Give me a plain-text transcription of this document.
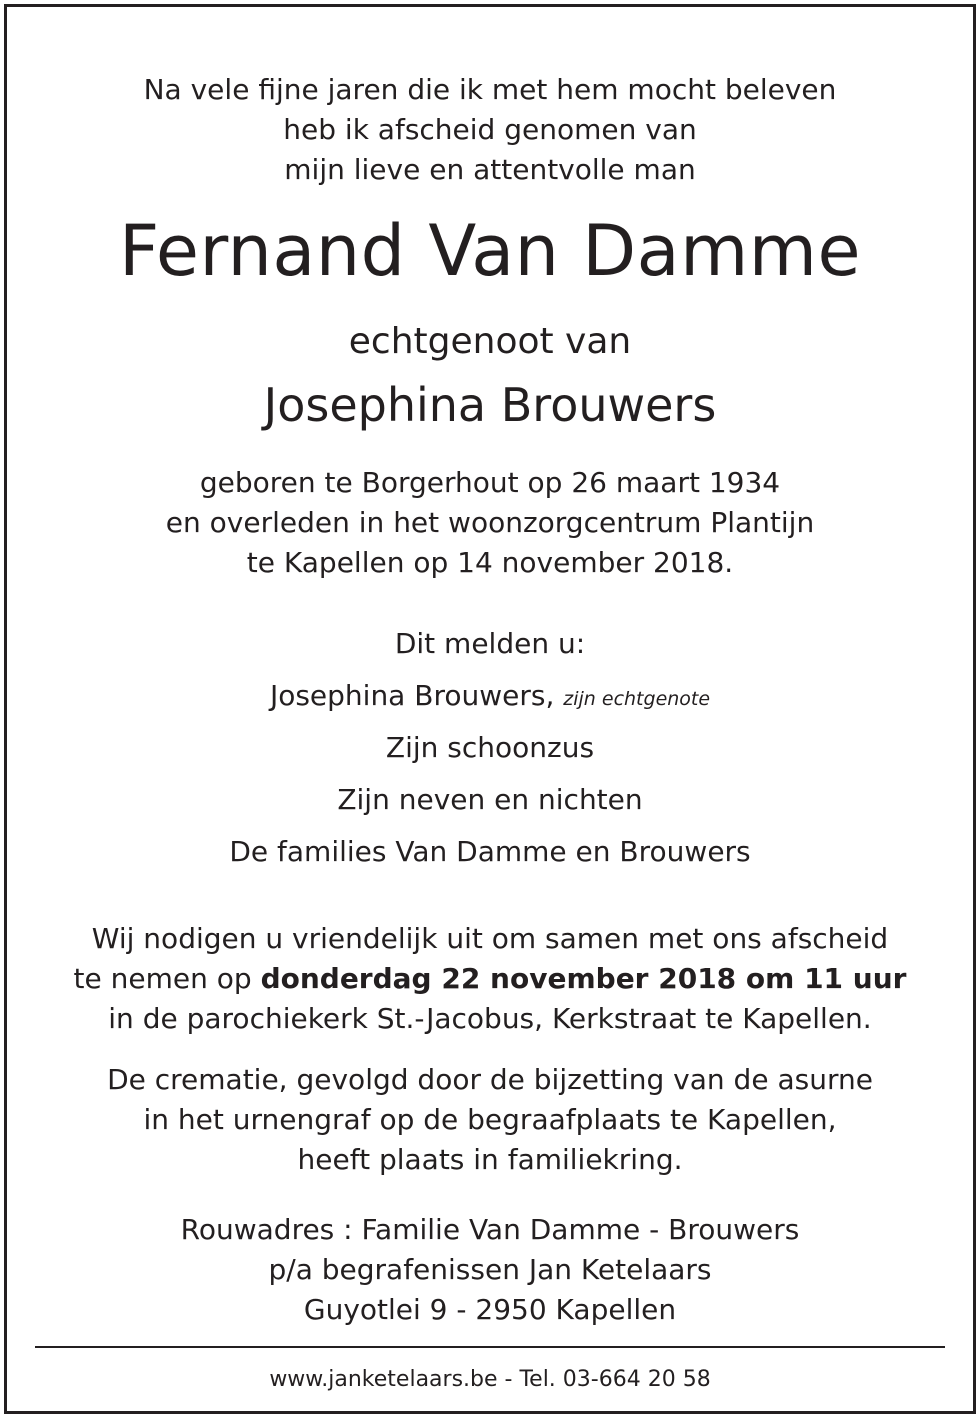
Na vele fijne jaren die ik met hem mocht beleven
heb ik afscheid genomen van
mijn lieve en attentvolle man
Fernand Van Damme
echtgenoot van
Josephina Brouwers
geboren te Borgerhout op 26 maart 1934
en overleden in het woonzorgcentrum Plantijn
te Kapellen op 14 november 2018.
Dit melden u:
Josephina Brouwers, zijn echtgenote
Zijn schoonzus
Zijn neven en nichten
De families Van Damme en Brouwers
Wij nodigen u vriendelijk uit om samen met ons afscheid
te nemen op donderdag 22 november 2018 om 11 uur
in de parochiekerk St.-Jacobus, Kerkstraat te Kapellen.
De crematie, gevolgd door de bijzetting van de asurne
in het urnengraf op de begraafplaats te Kapellen,
heeft plaats in familiekring.
Rouwadres : Familie Van Damme - Brouwers
p/a begrafenissen Jan Ketelaars
Guyotlei 9 - 2950 Kapellen
www.janketelaars.be - Tel. 03-664 20 58
